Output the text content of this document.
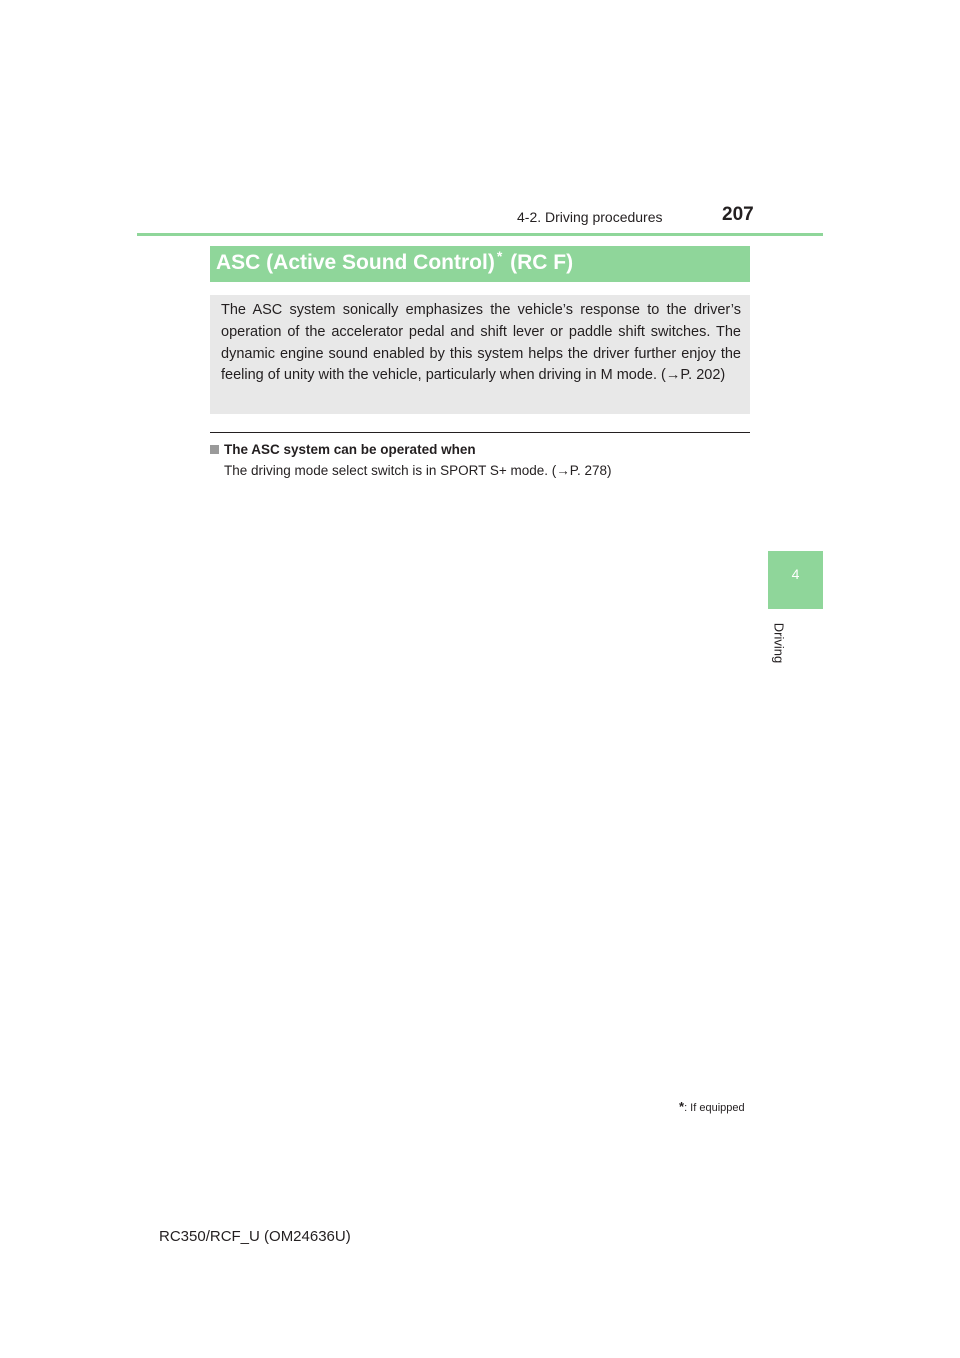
4-2. Driving procedures	207
4
Driving
ASC (Active Sound Control) * (RC F)
The ASC system sonically emphasizes the vehicle’s response to the driver’s operation of the accelerator pedal and shift lever or paddle shift switches. The dynamic engine sound enabled by this system helps the driver further enjoy the feeling of unity with the vehicle, particularly when driving in M mode. (→P. 202)
The ASC system can be operated when
The driving mode select switch is in SPORT S+ mode. (→P. 278)
*: If equipped
RC350/RCF_U (OM24636U)
